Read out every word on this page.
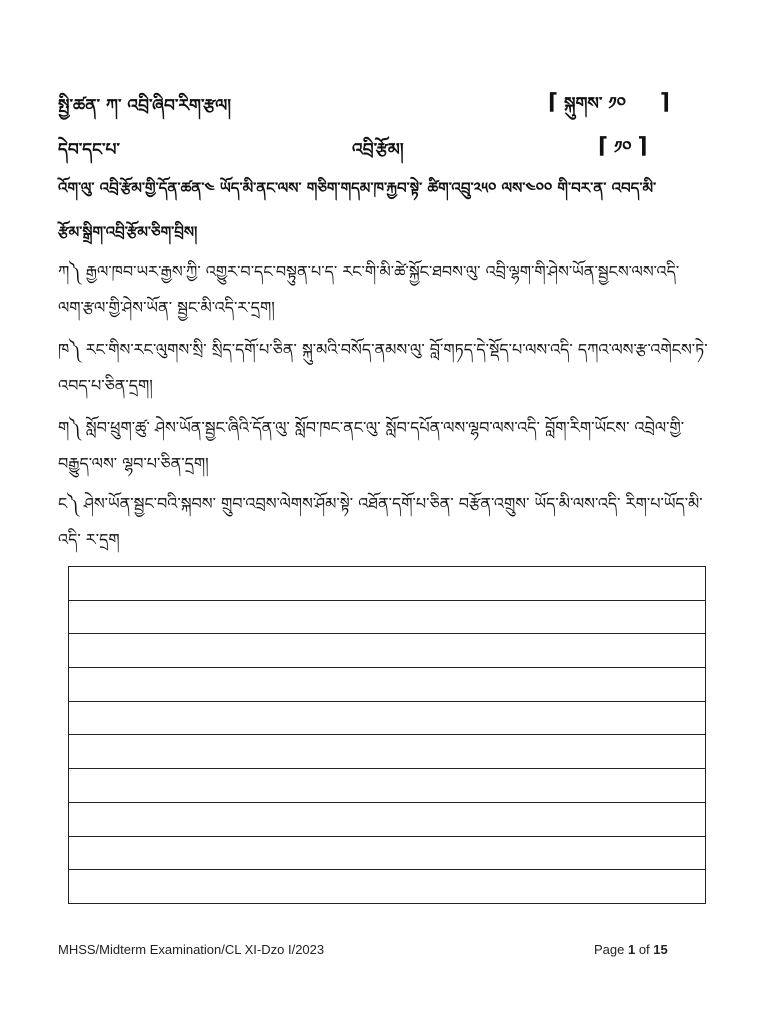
སྤྱི་ཚན་ ཀ་ འབྲི་ཞིབ་རིག་རྩལ།	⌈ སྐུགས་ ༡༠ ⌉
དེབ་དང་པ་	འབྲི་རྩོམ།	⌈ ༡༠ ⌉
འོག་ལུ་ འབྲི་རྩོམ་གྱི་དོན་ཚན་༤ ཡོད་མི་ནང་ལས་ གཅིག་གདམ་ཁ་རྐྱབ་སྟེ་ ཚིག་འབྲུ་༢༥༠ ལས་༤༠༠ གི་བར་ན་ འབད་མི་
རྩོམ་སྒྲིག་འབྲི་རྩོམ་ཅིག་བྲིས།
ཀ༽ རྒྱལ་ཁབ་ཡར་རྒྱས་ཀྱི་ འགྱུར་བ་དང་བསྟུན་པ་ད་ རང་གི་མི་ཚེ་སྐྱོང་ཐབས་ལུ་ འབྲི་ལྷག་གི་ཤེས་ཡོན་སྦྱངས་ལས་འདི་ ལག་རྩལ་གྱི་ཤེས་ཡོན་ སྦྱང་མི་འདི་ར་དྲག།
ཁ༽ རང་གིས་རང་ལུགས་སྲི་ སྲིད་དགོ་པ་ཅིན་ སྐུ་མའི་བསོད་ནམས་ལུ་ བློ་གཏད་དེ་སྡོད་པ་ལས་འདི་ དཀའ་ལས་རྩ་འགེངས་ཏེ་ འབད་པ་ཅིན་དྲག།
ག༽ སློབ་ཕྲུག་ཚུ་ ཤེས་ཡོན་སྦྱང་ཞིའི་དོན་ལུ་ སློབ་ཁང་ནང་ལུ་ སློབ་དཔོན་ལས་ལྷབ་ལས་འདི་ བློག་རིག་ཡོངས་ འབྲེལ་གྱི་བརྒྱུད་ལས་ ལྷབ་པ་ཅིན་དྲག།
ང༽ ཤེས་ཡོན་སྦྱང་བའི་སྐབས་ གྲུབ་འབྲས་ལེགས་ཤོམ་སྟེ་ འཐོན་དགོ་པ་ཅིན་ བརྩོན་འགྲུས་ ཡོད་མི་ལས་འདི་ རིག་པ་ཡོད་མི་འདི་ ར་དྲག

MHSS/Midterm Examination/CL XI-Dzo I/2023	Page 1 of 15
